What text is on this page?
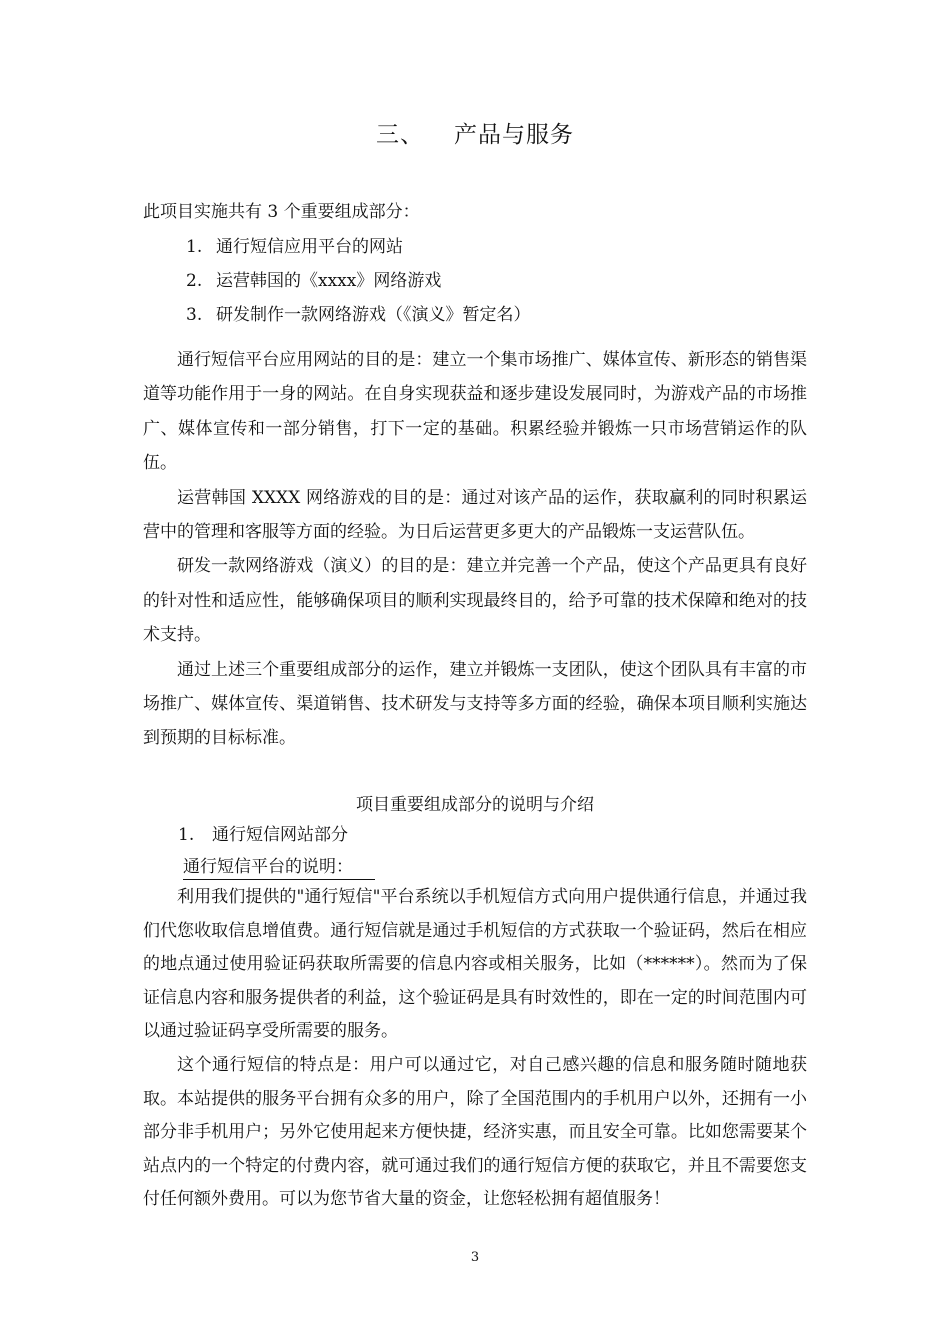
三、 产品与服务
此项目实施共有 3 个重要组成部分：
1. 通行短信应用平台的网站
2. 运营韩国的《xxxx》网络游戏
3. 研发制作一款网络游戏（《演义》暂定名）

通行短信平台应用网站的目的是：建立一个集市场推广、媒体宣传、新形态的销售渠道等功能作用于一身的网站。在自身实现获益和逐步建设发展同时，为游戏产品的市场推广、媒体宣传和一部分销售，打下一定的基础。积累经验并锻炼一只市场营销运作的队伍。

运营韩国 XXXX 网络游戏的目的是：通过对该产品的运作，获取赢利的同时积累运营中的管理和客服等方面的经验。为日后运营更多更大的产品锻炼一支运营队伍。

研发一款网络游戏（演义）的目的是：建立并完善一个产品，使这个产品更具有良好的针对性和适应性，能够确保项目的顺利实现最终目的，给予可靠的技术保障和绝对的技术支持。

通过上述三个重要组成部分的运作，建立并锻炼一支团队，使这个团队具有丰富的市场推广、媒体宣传、渠道销售、技术研发与支持等多方面的经验，确保本项目顺利实施达到预期的目标标准。

项目重要组成部分的说明与介绍
1. 通行短信网站部分
通行短信平台的说明：

利用我们提供的"通行短信"平台系统以手机短信方式向用户提供通行信息，并通过我们代您收取信息增值费。通行短信就是通过手机短信的方式获取一个验证码，然后在相应的地点通过使用验证码获取所需要的信息内容或相关服务，比如（******）。然而为了保证信息内容和服务提供者的利益，这个验证码是具有时效性的，即在一定的时间范围内可以通过验证码享受所需要的服务。

这个通行短信的特点是：用户可以通过它，对自己感兴趣的信息和服务随时随地获取。本站提供的服务平台拥有众多的用户，除了全国范围内的手机用户以外，还拥有一小部分非手机用户；另外它使用起来方便快捷，经济实惠，而且安全可靠。比如您需要某个站点内的一个特定的付费内容，就可通过我们的通行短信方便的获取它，并且不需要您支付任何额外费用。可以为您节省大量的资金，让您轻松拥有超值服务！

3
